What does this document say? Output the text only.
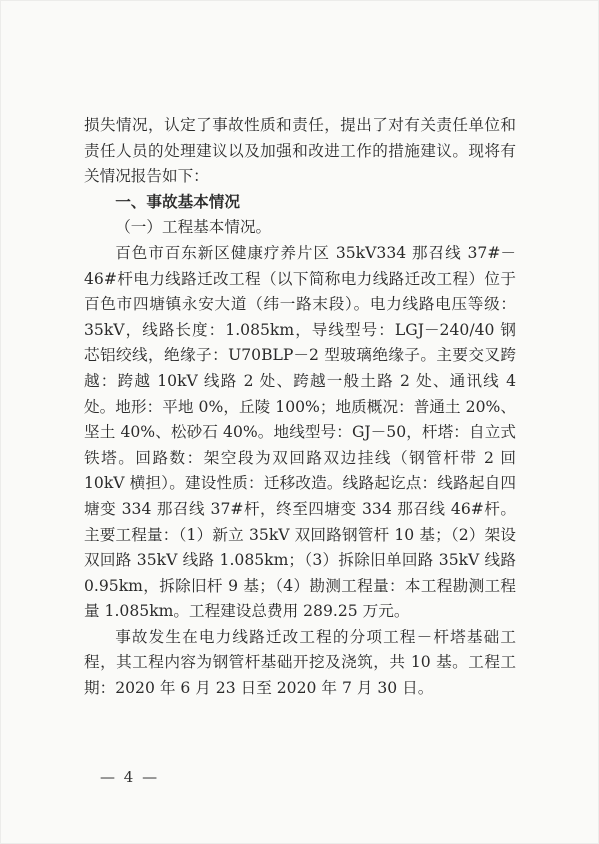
损失情况，认定了事故性质和责任，提出了对有关责任单位和责任人员的处理建议以及加强和改进工作的措施建议。现将有关情况报告如下：

一、事故基本情况

（一）工程基本情况。

百色市百东新区健康疗养片区 35kV334 那召线 37#－46#杆电力线路迁改工程（以下简称电力线路迁改工程）位于百色市四塘镇永安大道（纬一路末段）。电力线路电压等级：35kV，线路长度：1.085km，导线型号：LGJ－240/40 钢芯铝绞线，绝缘子：U70BLP－2 型玻璃绝缘子。主要交叉跨越：跨越 10kV 线路 2 处、跨越一般土路 2 处、通讯线 4 处。地形：平地 0%，丘陵 100%；地质概况：普通土 20%、坚土 40%、松砂石 40%。地线型号：GJ－50，杆塔：自立式铁塔。回路数：架空段为双回路双边挂线（钢管杆带 2 回 10kV 横担）。建设性质：迁移改造。线路起讫点：线路起自四塘变 334 那召线 37#杆，终至四塘变 334 那召线 46#杆。主要工程量：（1）新立 35kV 双回路钢管杆 10 基；（2）架设双回路 35kV 线路 1.085km；（3）拆除旧单回路 35kV 线路 0.95km，拆除旧杆 9 基；（4）勘测工程量：本工程勘测工程量 1.085km。工程建设总费用 289.25 万元。

事故发生在电力线路迁改工程的分项工程－杆塔基础工程，其工程内容为钢管杆基础开挖及浇筑，共 10 基。工程工期：2020 年 6 月 23 日至 2020 年 7 月 30 日。

— 4 —
